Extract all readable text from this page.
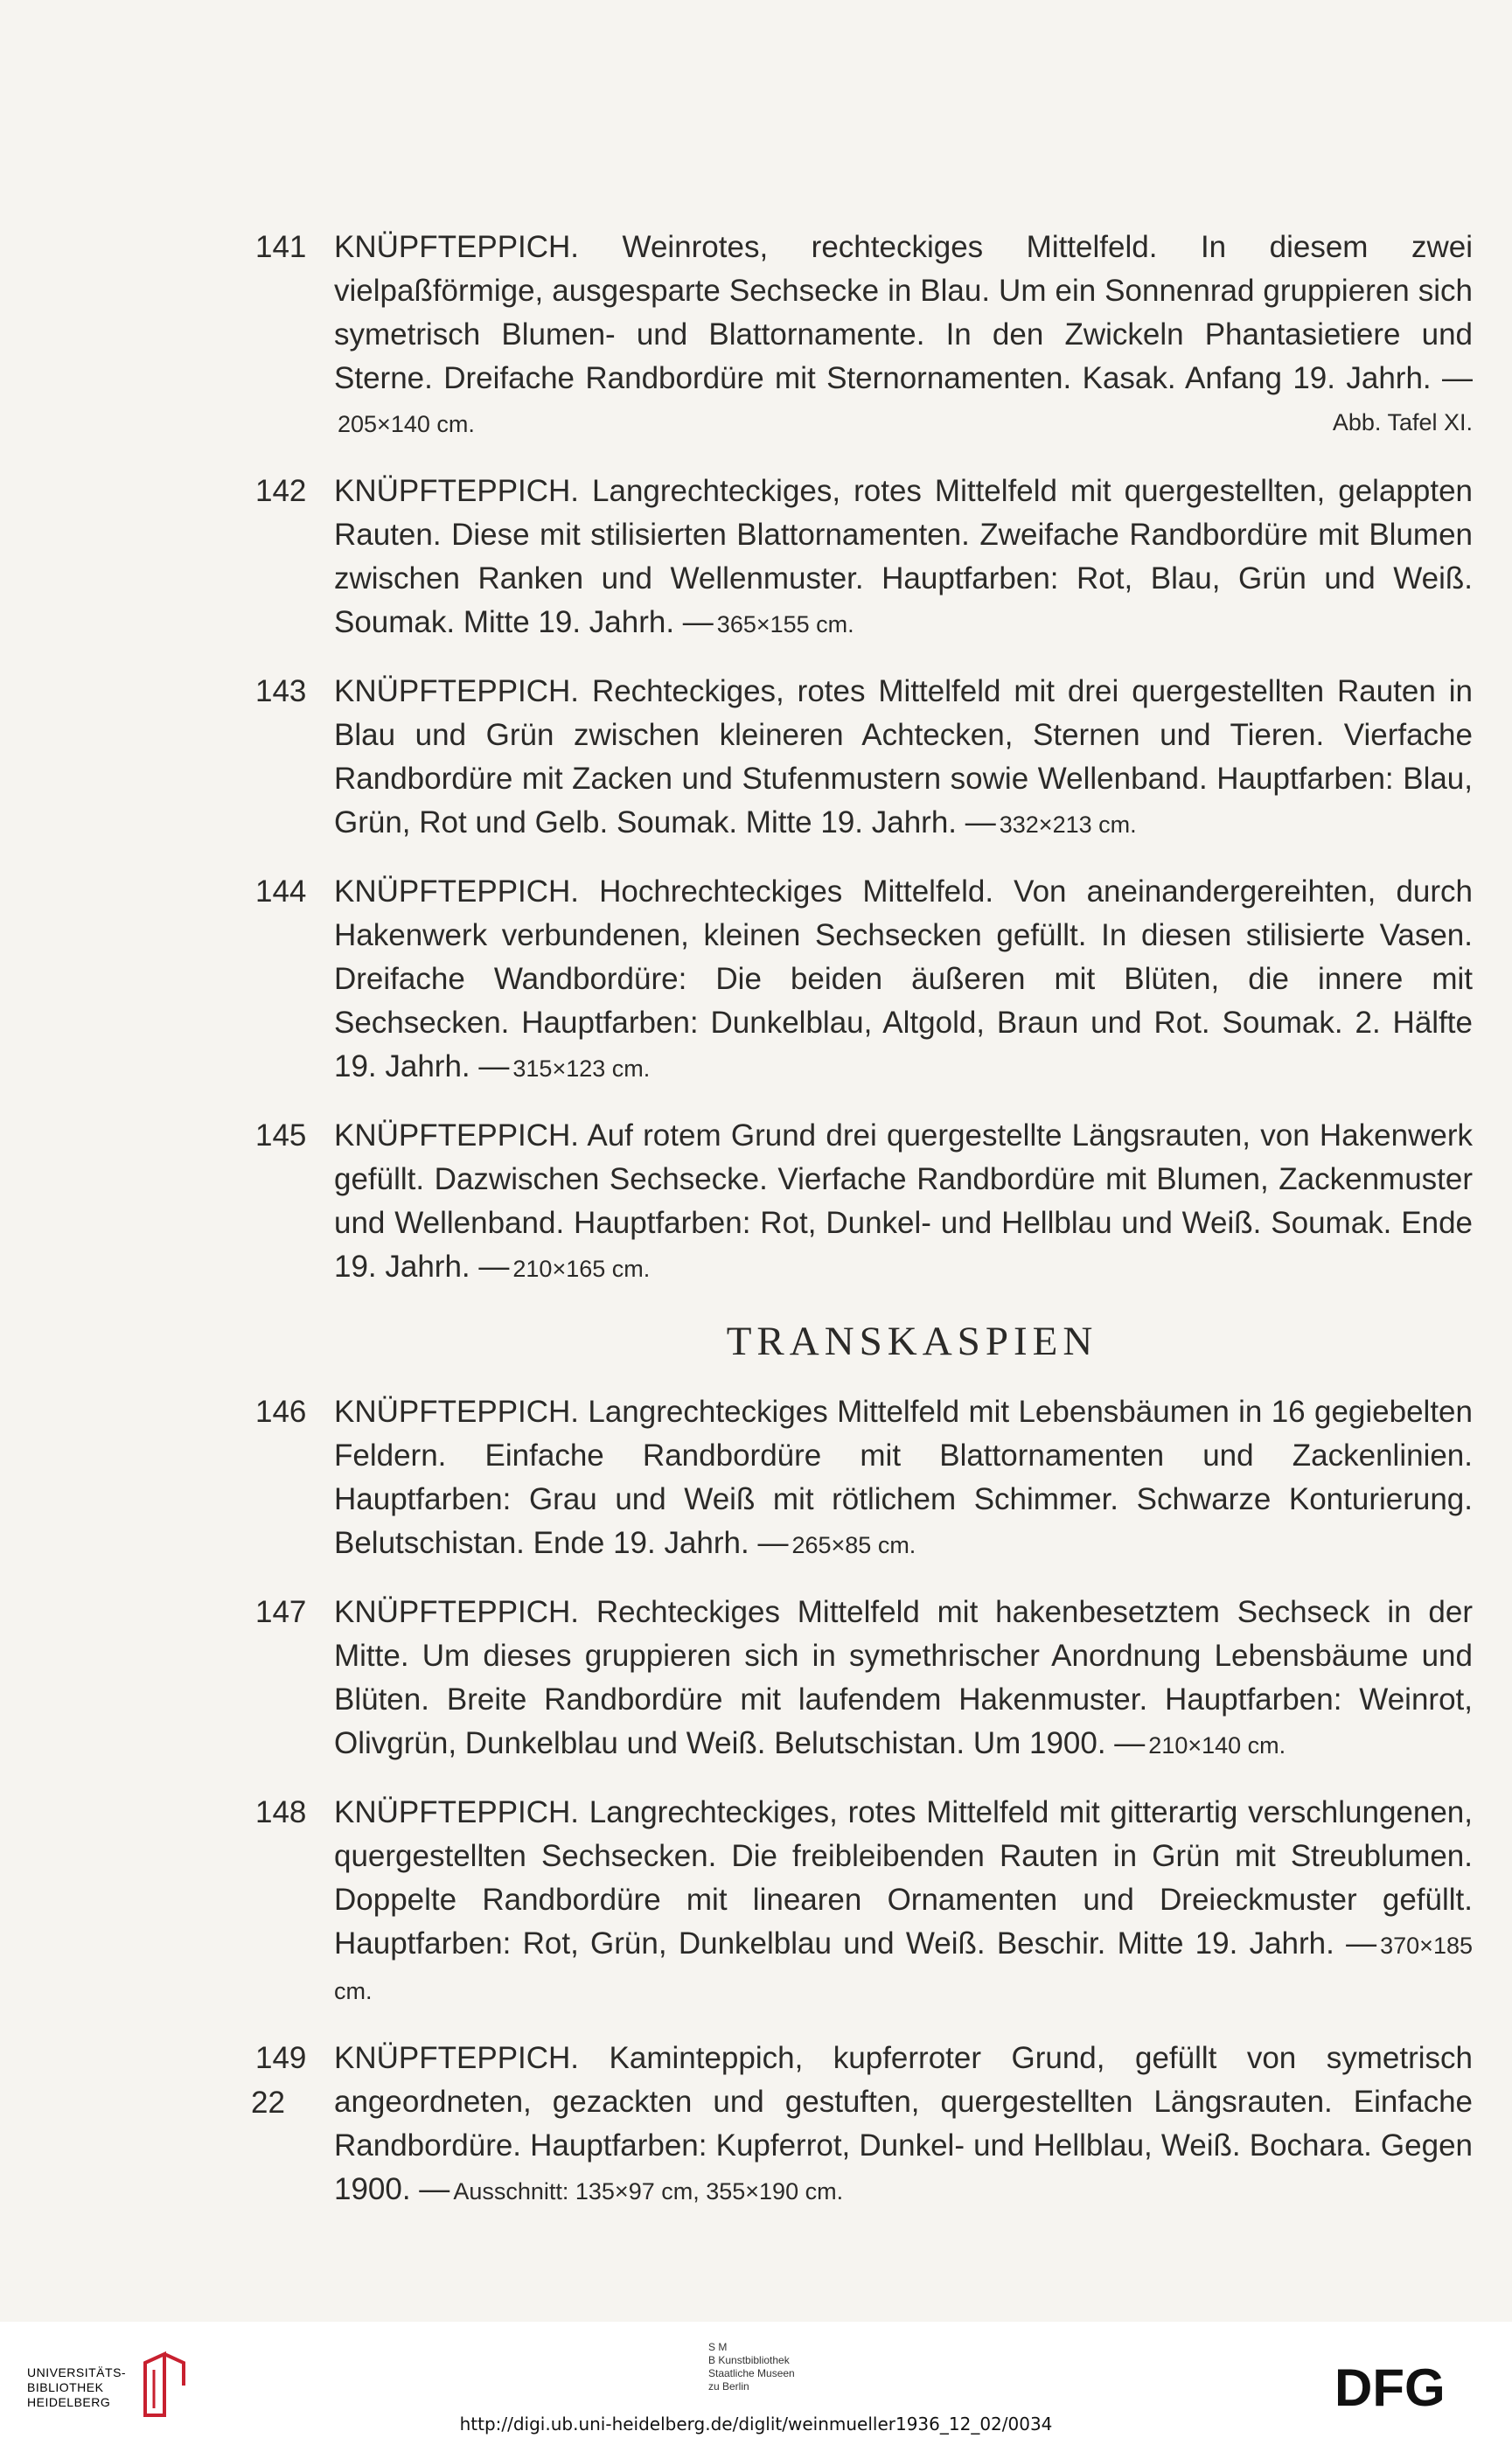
141 KNÜPFTEPPICH. Weinrotes, rechteckiges Mittelfeld. In diesem zwei vielpaßförmige, ausgesparte Sechsecke in Blau. Um ein Sonnenrad gruppieren sich symetrisch Blumen- und Blattornamente. In den Zwickeln Phantasietiere und Sterne. Dreifache Randbordüre mit Sternornamenten. Kasak. Anfang 19. Jahrh. —205×140 cm.	Abb. Tafel XI.
142 KNÜPFTEPPICH. Langrechteckiges, rotes Mittelfeld mit quergestellten, gelappten Rauten. Diese mit stilisierten Blattornamenten. Zweifache Randbordüre mit Blumen zwischen Ranken und Wellenmuster. Hauptfarben: Rot, Blau, Grün und Weiß. Soumak. Mitte 19. Jahrh. — 365×155 cm.
143 KNÜPFTEPPICH. Rechteckiges, rotes Mittelfeld mit drei quergestellten Rauten in Blau und Grün zwischen kleineren Achtecken, Sternen und Tieren. Vierfache Randbordüre mit Zacken und Stufenmustern sowie Wellenband. Hauptfarben: Blau, Grün, Rot und Gelb. Soumak. Mitte 19. Jahrh. — 332×213 cm.
144 KNÜPFTEPPICH. Hochrechteckiges Mittelfeld. Von aneinandergereihten, durch Hakenwerk verbundenen, kleinen Sechsecken gefüllt. In diesen stilisierte Vasen. Dreifache Wandbordüre: Die beiden äußeren mit Blüten, die innere mit Sechsecken. Hauptfarben: Dunkelblau, Altgold, Braun und Rot. Soumak. 2. Hälfte 19. Jahrh. — 315×123 cm.
145 KNÜPFTEPPICH. Auf rotem Grund drei quergestellte Längsrauten, von Hakenwerk gefüllt. Dazwischen Sechsecke. Vierfache Randbordüre mit Blumen, Zackenmuster und Wellenband. Hauptfarben: Rot, Dunkel- und Hellblau und Weiß. Soumak. Ende 19. Jahrh. — 210×165 cm.
TRANSKASPIEN
146 KNÜPFTEPPICH. Langrechteckiges Mittelfeld mit Lebensbäumen in 16 gegiebelten Feldern. Einfache Randbordüre mit Blattornamenten und Zackenlinien. Hauptfarben: Grau und Weiß mit rötlichem Schimmer. Schwarze Konturierung. Belutschistan. Ende 19. Jahrh. — 265×85 cm.
147 KNÜPFTEPPICH. Rechteckiges Mittelfeld mit hakenbesetztem Sechseck in der Mitte. Um dieses gruppieren sich in symethrischer Anordnung Lebensbäume und Blüten. Breite Randbordüre mit laufendem Hakenmuster. Hauptfarben: Weinrot, Olivgrün, Dunkelblau und Weiß. Belutschistan. Um 1900. — 210×140 cm.
148 KNÜPFTEPPICH. Langrechteckiges, rotes Mittelfeld mit gitterartig verschlungenen, quergestellten Sechsecken. Die freibleibenden Rauten in Grün mit Streublumen. Doppelte Randbordüre mit linearen Ornamenten und Dreieckmuster gefüllt. Hauptfarben: Rot, Grün, Dunkelblau und Weiß. Beschir. Mitte 19. Jahrh. — 370×185 cm.
149 KNÜPFTEPPICH. Kaminteppich, kupferroter Grund, gefüllt von symetrisch angeordneten, gezackten und gestuften, quergestellten Längsrauten. Einfache Randbordüre. Hauptfarben: Kupferrot, Dunkel- und Hellblau, Weiß. Bochara. Gegen 1900. — Ausschnitt: 135×97 cm, 355×190 cm.
22
UNIVERSITÄTS-
BIBLIOTHEK
HEIDELBERG
S M
B Kunstbibliothek
Staatliche Museen
zu Berlin	DFG
http://digi.ub.uni-heidelberg.de/diglit/weinmueller1936_12_02/0034
